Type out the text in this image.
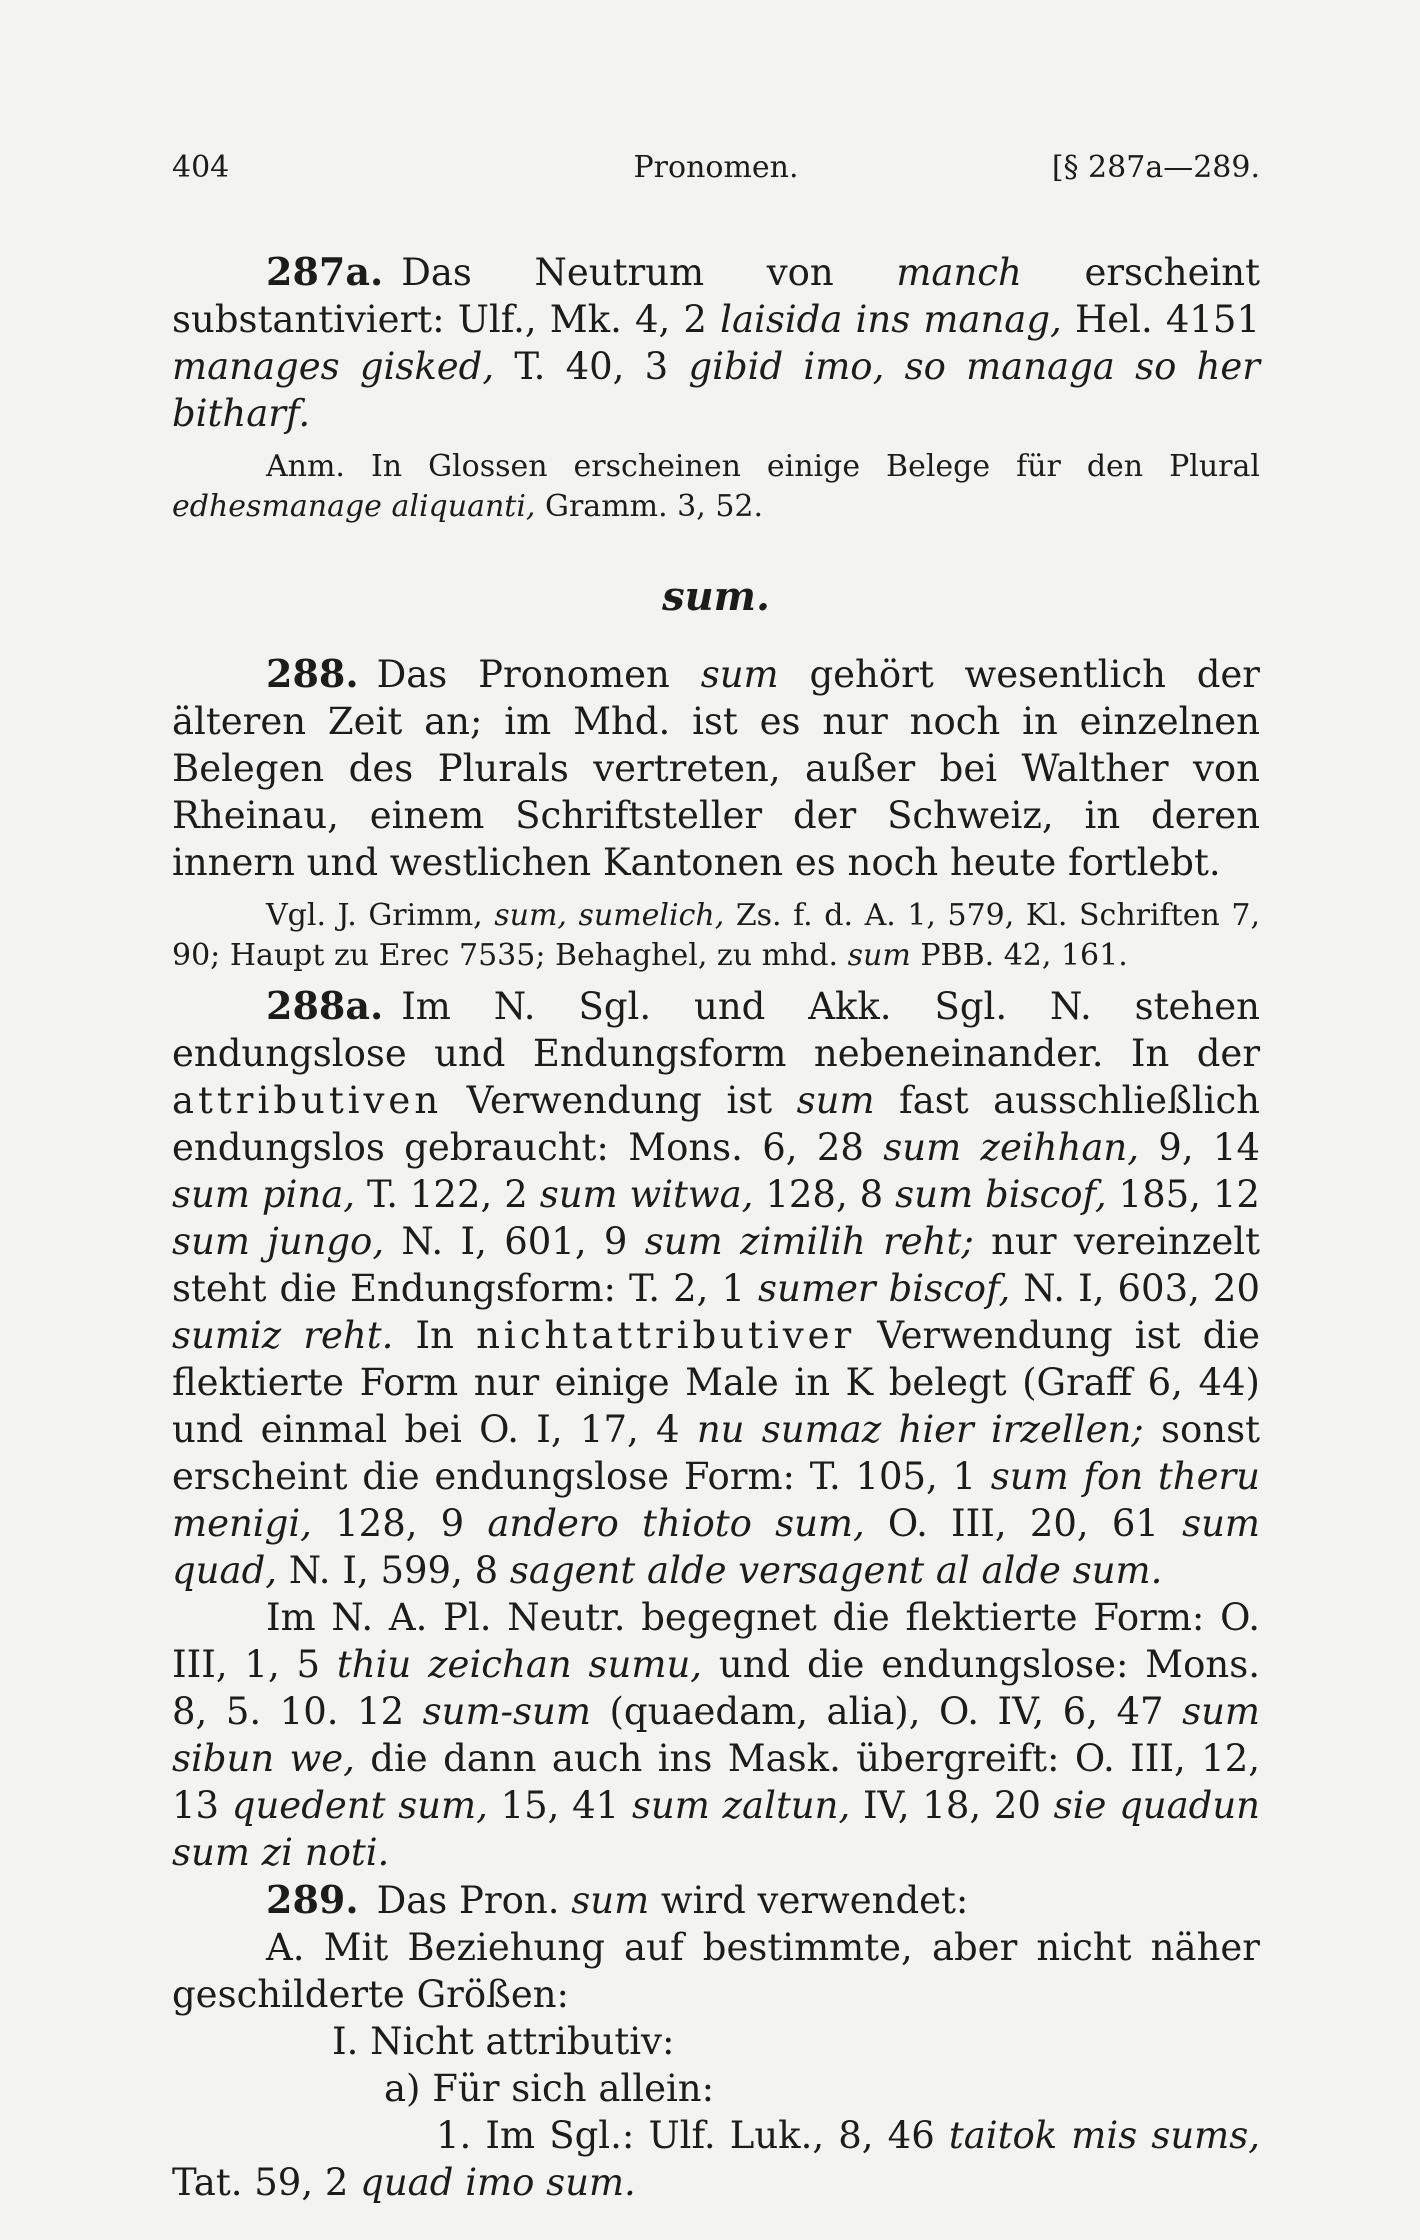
404	Pronomen.	[§ 287a—289.

287a. Das Neutrum von manch erscheint substantiviert: Ulf., Mk. 4, 2 laisida ins manag, Hel. 4151 manages gisked, T. 40, 3 gibid imo, so managa so her bitharf.

Anm. In Glossen erscheinen einige Belege für den Plural edhesmanage aliquanti, Gramm. 3, 52.

sum.

288. Das Pronomen sum gehört wesentlich der älteren Zeit an; im Mhd. ist es nur noch in einzelnen Belegen des Plurals vertreten, außer bei Walther von Rheinau, einem Schriftsteller der Schweiz, in deren innern und westlichen Kantonen es noch heute fortlebt.

Vgl. J. Grimm, sum, sumelich, Zs. f. d. A. 1, 579, Kl. Schriften 7, 90; Haupt zu Erec 7535; Behaghel, zu mhd. sum PBB. 42, 161.

288a. Im N. Sgl. und Akk. Sgl. N. stehen endungslose und Endungsform nebeneinander. In der attributiven Verwendung ist sum fast ausschließlich endungslos gebraucht: Mons. 6, 28 sum zeihhan, 9, 14 sum pina, T. 122, 2 sum witwa, 128, 8 sum biscof, 185, 12 sum jungo, N. I, 601, 9 sum zimilih reht; nur vereinzelt steht die Endungsform: T. 2, 1 sumer biscof, N. I, 603, 20 sumiz reht. In nichtattributiver Verwendung ist die flektierte Form nur einige Male in K belegt (Graff 6, 44) und einmal bei O. I, 17, 4 nu sumaz hier irzellen; sonst erscheint die endungslose Form: T. 105, 1 sum fon theru menigi, 128, 9 andero thioto sum, O. III, 20, 61 sum quad, N. I, 599, 8 sagent alde versagent al alde sum.

Im N. A. Pl. Neutr. begegnet die flektierte Form: O. III, 1, 5 thiu zeichan sumu, und die endungslose: Mons. 8, 5. 10. 12 sum-sum (quaedam, alia), O. IV, 6, 47 sum sibun we, die dann auch ins Mask. übergreift: O. III, 12, 13 quedent sum, 15, 41 sum zaltun, IV, 18, 20 sie quadun sum zi noti.

289. Das Pron. sum wird verwendet:

A. Mit Beziehung auf bestimmte, aber nicht näher geschilderte Größen:

I. Nicht attributiv:

a) Für sich allein:

1. Im Sgl.: Ulf. Luk., 8, 46 taitok mis sums, Tat. 59, 2 quad imo sum.
